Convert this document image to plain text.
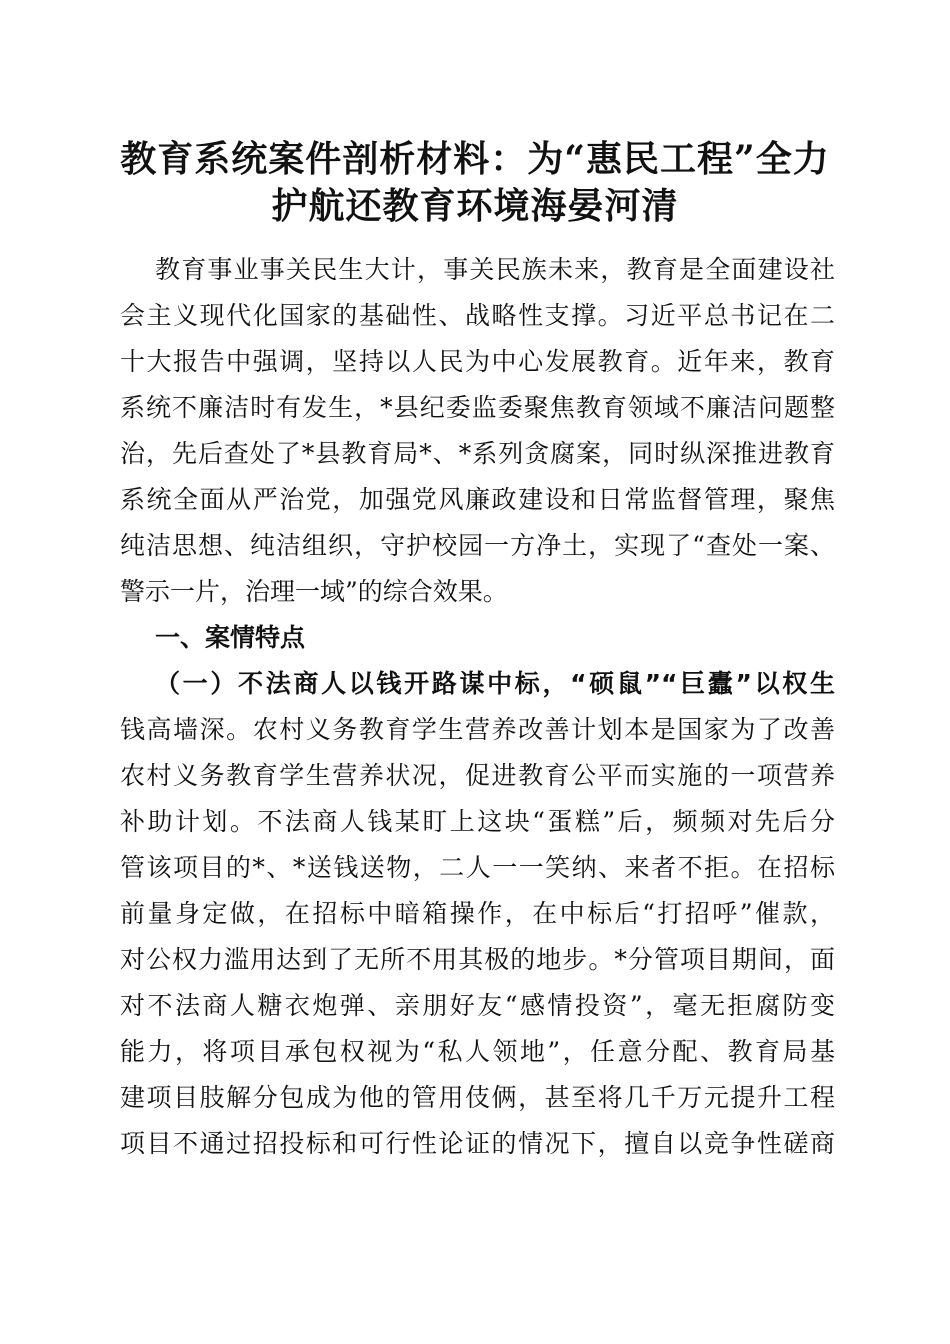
教育系统案件剖析材料：为“惠民工程”全力
护航还教育环境海晏河清
教育事业事关民生大计，事关民族未来，教育是全面建设社
会主义现代化国家的基础性、战略性支撑。习近平总书记在二
十大报告中强调，坚持以人民为中心发展教育。近年来，教育
系统不廉洁时有发生，*县纪委监委聚焦教育领域不廉洁问题整
治，先后查处了*县教育局*、*系列贪腐案，同时纵深推进教育
系统全面从严治党，加强党风廉政建设和日常监督管理，聚焦
纯洁思想、纯洁组织，守护校园一方净土，实现了“查处一案、
警示一片，治理一域”的综合效果。
一、案情特点
（一）不法商人以钱开路谋中标，“硕鼠”“巨蠹”以权生
钱高墙深。农村义务教育学生营养改善计划本是国家为了改善
农村义务教育学生营养状况，促进教育公平而实施的一项营养
补助计划。不法商人钱某盯上这块“蛋糕”后，频频对先后分
管该项目的*、*送钱送物，二人一一笑纳、来者不拒。在招标
前量身定做，在招标中暗箱操作，在中标后“打招呼”催款，
对公权力滥用达到了无所不用其极的地步。*分管项目期间，面
对不法商人糖衣炮弹、亲朋好友“感情投资”，毫无拒腐防变
能力，将项目承包权视为“私人领地”，任意分配、教育局基
建项目肢解分包成为他的管用伎俩，甚至将几千万元提升工程
项目不通过招投标和可行性论证的情况下，擅自以竞争性磋商
